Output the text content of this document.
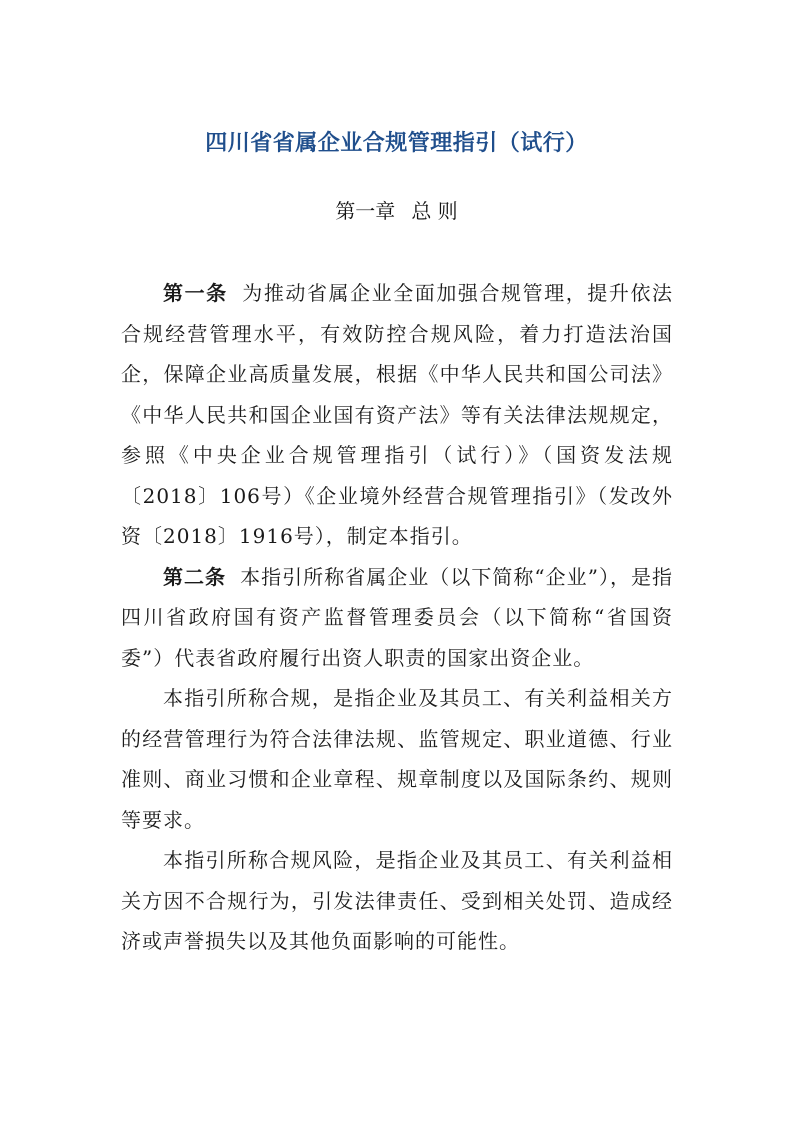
四川省省属企业合规管理指引（试行）
第一章 总 则

第一条 为推动省属企业全面加强合规管理，提升依法合规经营管理水平，有效防控合规风险，着力打造法治国企，保障企业高质量发展，根据《中华人民共和国公司法》《中华人民共和国企业国有资产法》等有关法律法规规定，参照《中央企业合规管理指引（试行）》（国资发法规〔2018〕106号）《企业境外经营合规管理指引》（发改外资〔2018〕1916号），制定本指引。

第二条 本指引所称省属企业（以下简称“企业”），是指四川省政府国有资产监督管理委员会（以下简称“省国资委”）代表省政府履行出资人职责的国家出资企业。

本指引所称合规，是指企业及其员工、有关利益相关方的经营管理行为符合法律法规、监管规定、职业道德、行业准则、商业习惯和企业章程、规章制度以及国际条约、规则等要求。

本指引所称合规风险，是指企业及其员工、有关利益相关方因不合规行为，引发法律责任、受到相关处罚、造成经济或声誉损失以及其他负面影响的可能性。
